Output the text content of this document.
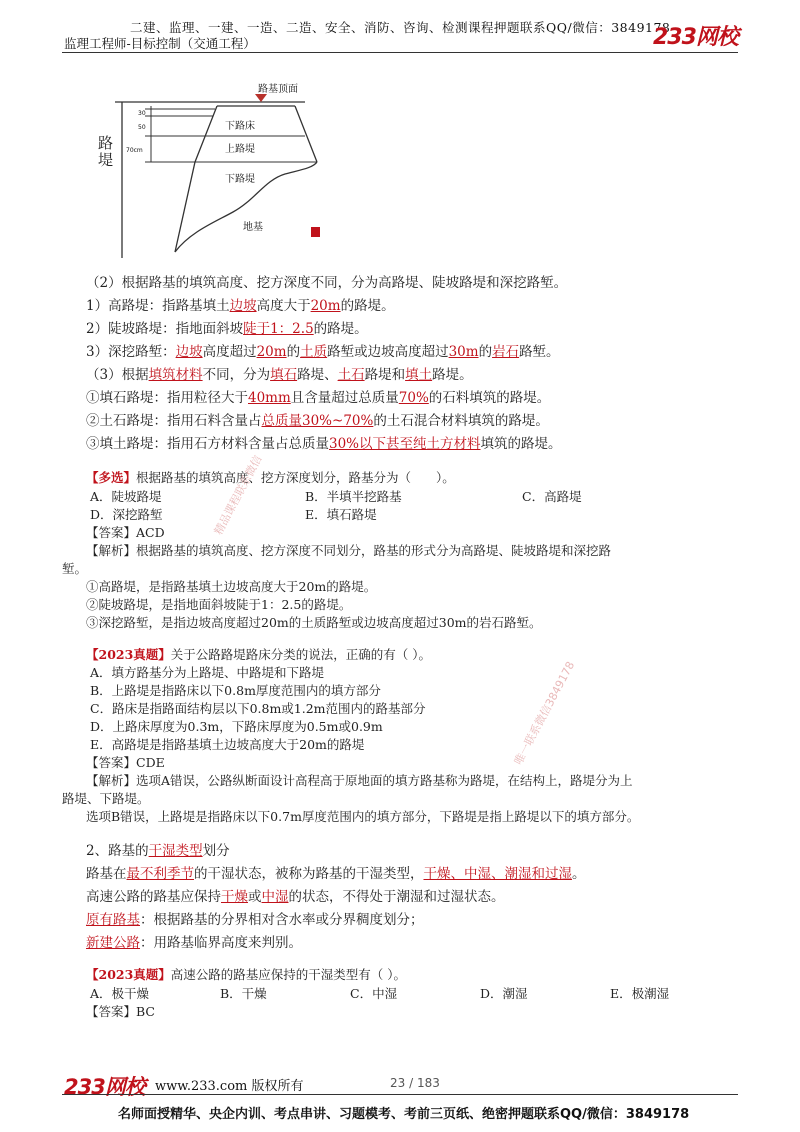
二建、监理、一建、一造、二造、安全、消防、咨询、检测课程押题联系QQ/微信：3849178
监理工程师-目标控制（交通工程）	233网校
路基顶面
下路床
上路堤
下路堤
地基
30
50
70cm
路堤
（2）根据路基的填筑高度、挖方深度不同，分为高路堤、陡坡路堤和深挖路堑。
1）高路堤：指路基填土边坡高度大于20m的路堤。
2）陡坡路堤：指地面斜坡陡于1：2.5的路堤。
3）深挖路堑：边坡高度超过20m的土质路堑或边坡高度超过30m的岩石路堑。
（3）根据填筑材料不同，分为填石路堤、土石路堤和填土路堤。
①填石路堤：指用粒径大于40mm且含量超过总质量70%的石料填筑的路堤。
②土石路堤：指用石料含量占总质量30%~70%的土石混合材料填筑的路堤。
③填土路堤：指用石方材料含量占总质量30%以下甚至纯土方材料填筑的路堤。
【多选】根据路基的填筑高度、挖方深度划分，路基分为（　　）。
A．陡坡路堤	B．半填半挖路基	C．高路堤
D．深挖路堑	E．填石路堤
【答案】ACD
【解析】根据路基的填筑高度、挖方深度不同划分，路基的形式分为高路堤、陡坡路堤和深挖路
堑。
①高路堤，是指路基填土边坡高度大于20m的路堤。
②陡坡路堤，是指地面斜坡陡于1：2.5的路堤。
③深挖路堑，是指边坡高度超过20m的土质路堑或边坡高度超过30m的岩石路堑。
【2023真题】关于公路路堤路床分类的说法，正确的有（ ）。
A．填方路基分为上路堤、中路堤和下路堤
B．上路堤是指路床以下0.8m厚度范围内的填方部分
C．路床是指路面结构层以下0.8m或1.2m范围内的路基部分
D．上路床厚度为0.3m，下路床厚度为0.5m或0.9m
E．高路堤是指路基填土边坡高度大于20m的路堤
【答案】CDE
【解析】选项A错误，公路纵断面设计高程高于原地面的填方路基称为路堤，在结构上，路堤分为上
路堤、下路堤。
选项B错误，上路堤是指路床以下0.7m厚度范围内的填方部分，下路堤是指上路堤以下的填方部分。
2、路基的干湿类型划分
路基在最不利季节的干湿状态，被称为路基的干湿类型，干燥、中湿、潮湿和过湿。
高速公路的路基应保持干燥或中湿的状态，不得处于潮湿和过湿状态。
原有路基：根据路基的分界相对含水率或分界稠度划分；
新建公路：用路基临界高度来判别。
【2023真题】高速公路的路基应保持的干湿类型有（ ）。
A．极干燥	B．干燥	C．中湿	D．潮湿	E．极潮湿
【答案】BC
精品课程联系微信
唯一联系微信3849178
233网校 www.233.com 版权所有	23 / 183
名师面授精华、央企内训、考点串讲、习题模考、考前三页纸、绝密押题联系QQ/微信：3849178
